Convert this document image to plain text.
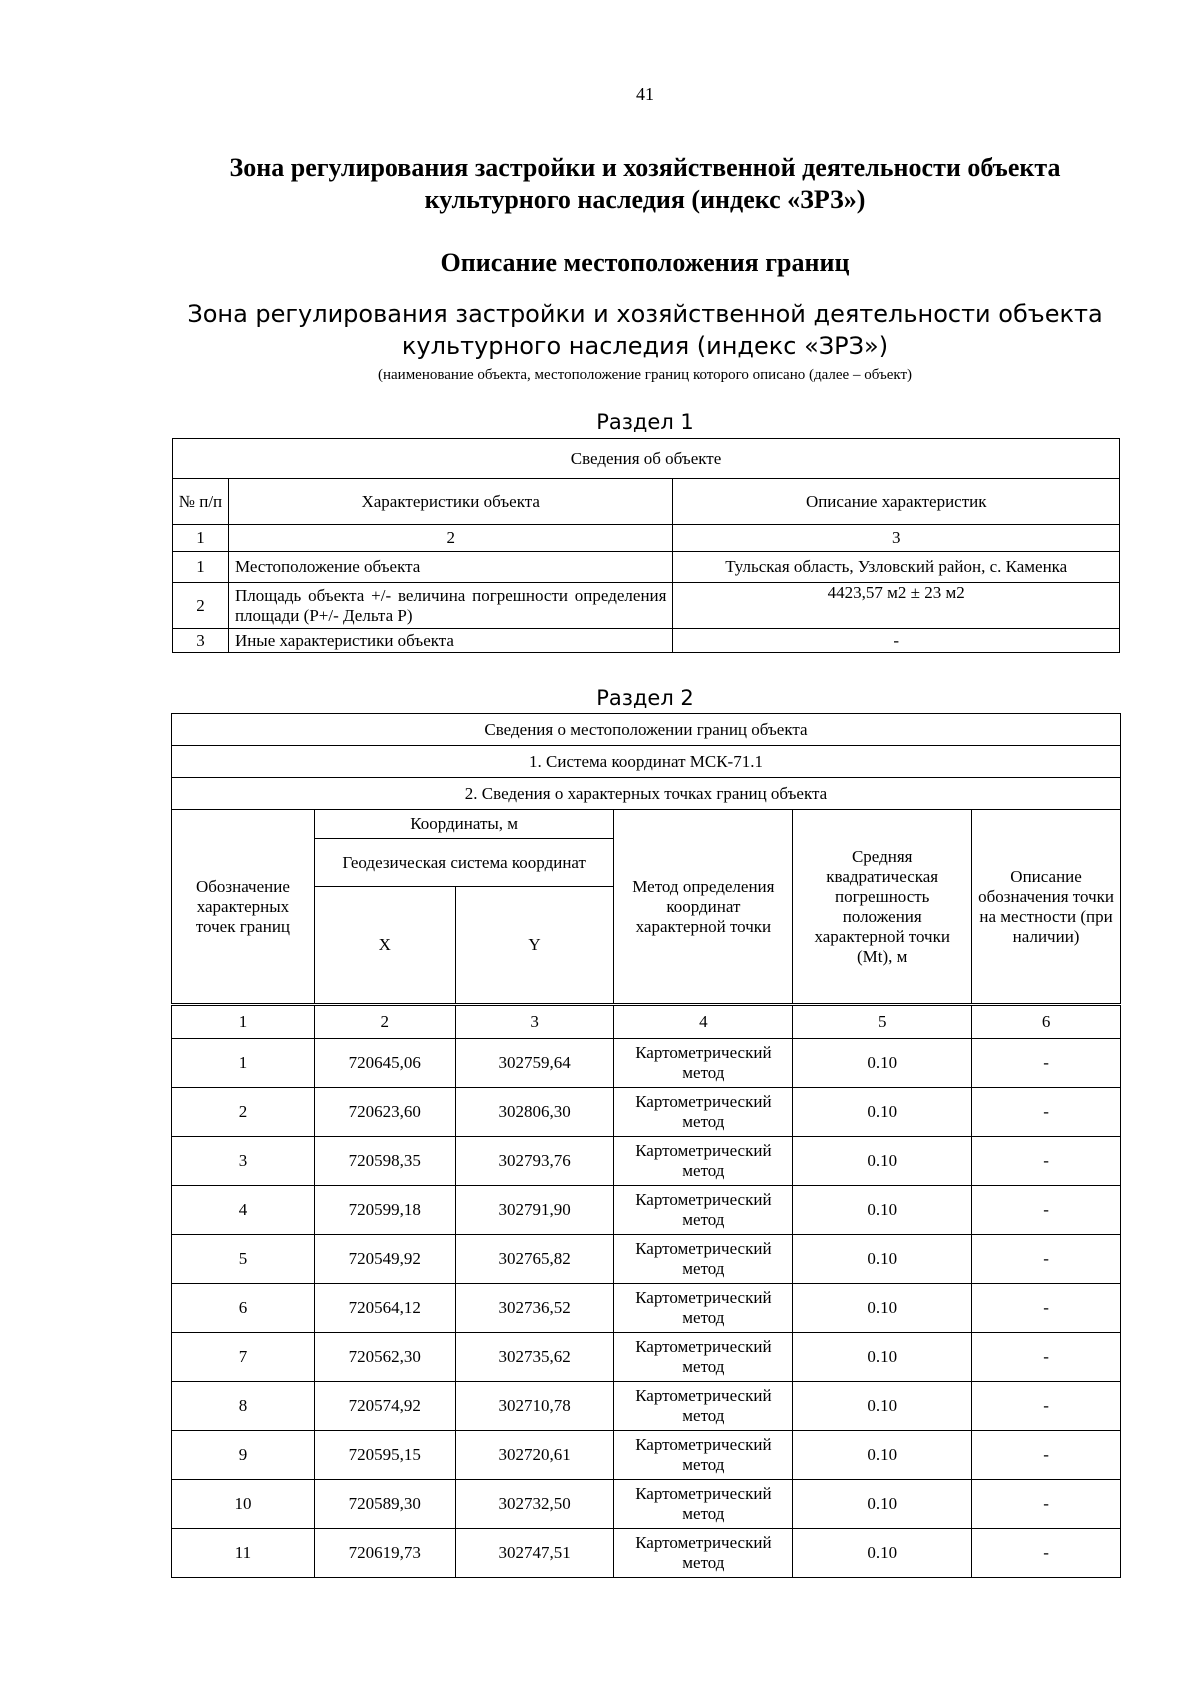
41
Зона регулирования застройки и хозяйственной деятельности объекта
культурного наследия (индекс «ЗРЗ»)
Описание местоположения границ
Зона регулирования застройки и хозяйственной деятельности объекта
культурного наследия (индекс «ЗРЗ»)
(наименование объекта, местоположение границ которого описано (далее – объект)
Раздел 1
Сведения об объекте		
№ п/п	Характеристики объекта	Описание характеристик
1	2	3
1	Местоположение объекта	Тульская область, Узловский район, с. Каменка
2	Площадь объекта +/- величина погрешности определения площади (Р+/- Дельта Р)	4423,57 м2 ± 23 м2
3	Иные характеристики объекта	-
Раздел 2
Сведения о местоположении границ объекта					
1. Система координат МСК-71.1					
2. Сведения о характерных точках границ объекта					
Обозначение характерных точек границ	Координаты, м		Метод определения координат характерной точки	Средняя квадратическая погрешность положения характерной точки (Mt), м	Описание обозначения точки на местности (при наличии)
	Геодезическая система координат				
	X	Y			
1	2	3	4	5	6
1	720645,06	302759,64	Картометрический метод	0.10	-
2	720623,60	302806,30	Картометрический метод	0.10	-
3	720598,35	302793,76	Картометрический метод	0.10	-
4	720599,18	302791,90	Картометрический метод	0.10	-
5	720549,92	302765,82	Картометрический метод	0.10	-
6	720564,12	302736,52	Картометрический метод	0.10	-
7	720562,30	302735,62	Картометрический метод	0.10	-
8	720574,92	302710,78	Картометрический метод	0.10	-
9	720595,15	302720,61	Картометрический метод	0.10	-
10	720589,30	302732,50	Картометрический метод	0.10	-
11	720619,73	302747,51	Картометрический метод	0.10	-
